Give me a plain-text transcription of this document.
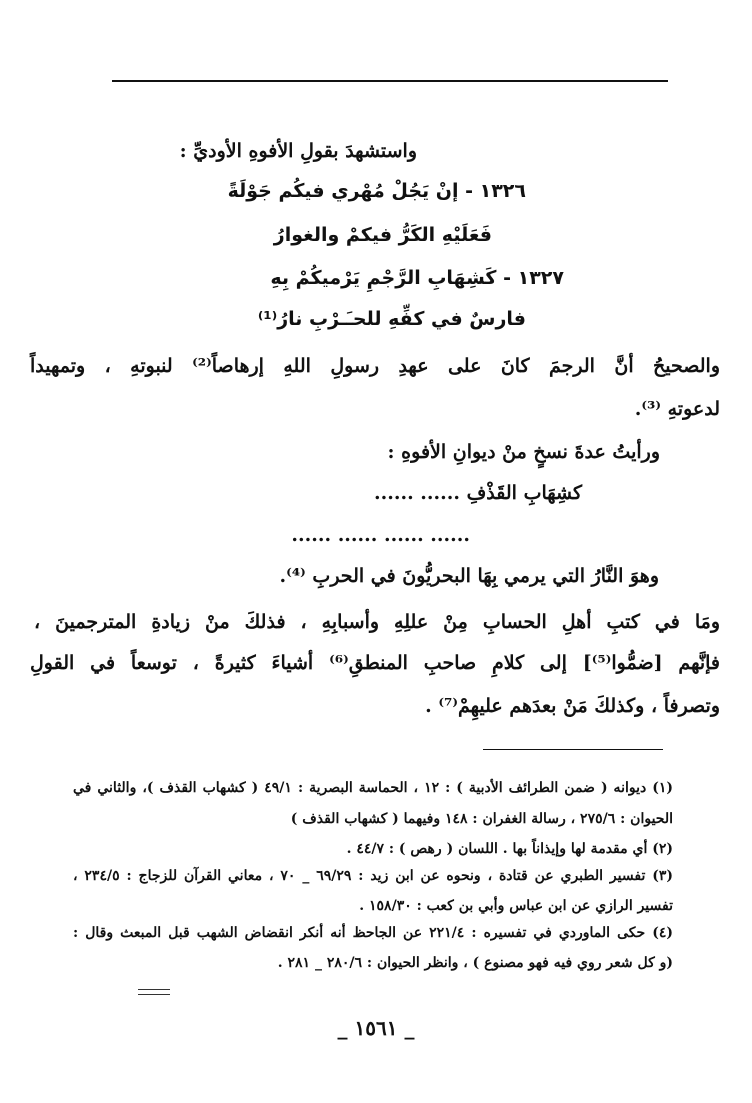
واستشهدَ بقولِ الأفوهِ الأوديِّ :
١٣٢٦ - إنْ يَجُلْ مُهْري فيكُم جَوْلَةً
فَعَلَيْهِ الكَرُّ فيكمْ والغوارُ
١٣٢٧ - كَشِهَابِ الرَّجْمِ يَرْميكُمْ بِهِ
فارسٌ في كفِّهِ للحـَـرْبِ نارُ⁽¹⁾
والصحيحُ أنَّ الرجمَ كانَ على عهدِ رسولِ اللهِ إرهاصاً⁽²⁾ لنبوتهِ ، وتمهيداً
لدعوتهِ ⁽³⁾.
ورأيتُ عدةَ نسخٍ منْ ديوانِ الأفوهِ :
كشِهَابِ القَذْفِ ...... ......
...... ...... ...... ......
وهوَ النَّارُ التي يرمي بِهَا البحريُّونَ في الحربِ ⁽⁴⁾.
ومَا في كتبِ أهلِ الحسابِ مِنْ عللِهِ وأسبابِهِ ، فذلكَ منْ زيادةِ المترجمينَ ،
فإنَّهم [ضمُّوا⁽⁵⁾] إلى كلامِ صاحبِ المنطقِ⁽⁶⁾ أشياءَ كثيرةً ، توسعاً في القولِ
وتصرفاً ، وكذلكَ مَنْ بعدَهم عليهِمْ⁽⁷⁾ .
(١) ديوانه ( ضمن الطرائف الأدبية ) : ١٢ ، الحماسة البصرية : ٤٩/١ ( كشهاب القذف )، والثاني في
الحيوان : ٢٧٥/٦ ، رسالة الغفران : ١٤٨ وفيهما ( كشهاب القذف )
(٢) أي مقدمة لها وإيذاناً بها . اللسان ( رهص ) : ٤٤/٧ .
(٣) تفسير الطبري عن قتادة ، ونحوه عن ابن زيد : ٦٩/٢٩ _ ٧٠ ، معاني القرآن للزجاج : ٢٣٤/٥ ،
تفسير الرازي عن ابن عباس وأبي بن كعب : ١٥٨/٣٠ .
(٤) حكى الماوردي في تفسيره : ٢٢١/٤ عن الجاحظ أنه أنكر انقضاض الشهب قبل المبعث وقال :
(و كل شعر روي فيه فهو مصنوع ) ، وانظر الحيوان : ٢٨٠/٦ _ ٢٨١ .
_ ١٥٦١ _
